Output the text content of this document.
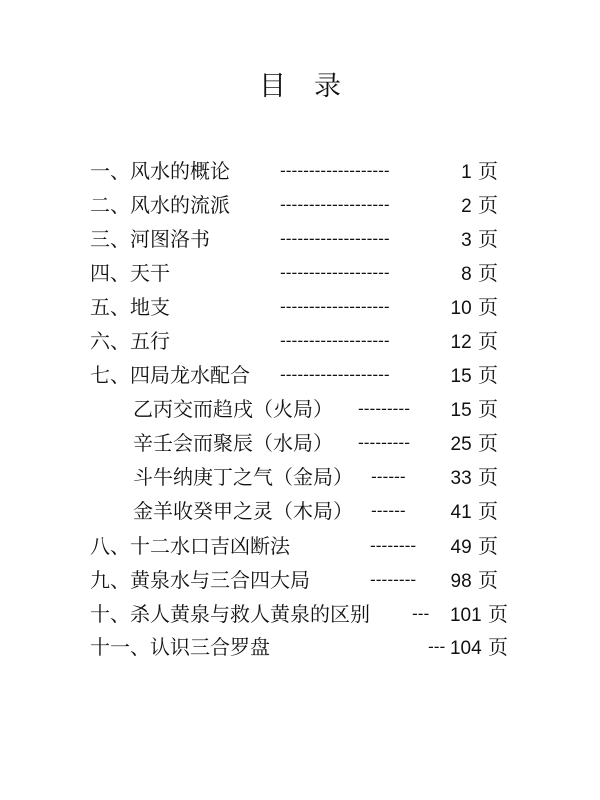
目 录
一、风水的概论	-------------------	1 页
二、风水的流派	-------------------	2 页
三、河图洛书	-------------------	3 页
四、天干	-------------------	8 页
五、地支	-------------------	10 页
六、五行	-------------------	12 页
七、四局龙水配合 -------------------	15 页
乙丙交而趋戌（火局） --------- 15 页
辛壬会而聚辰（水局） --------- 25 页
斗牛纳庚丁之气（金局） ------ 33 页
金羊收癸甲之灵（木局） ------ 41 页
八、十二水口吉凶断法	--------	49 页
九、黄泉水与三合四大局	--------	98 页
十、杀人黄泉与救人黄泉的区别	---	101 页
十一、认识三合罗盘	--- 104 页
